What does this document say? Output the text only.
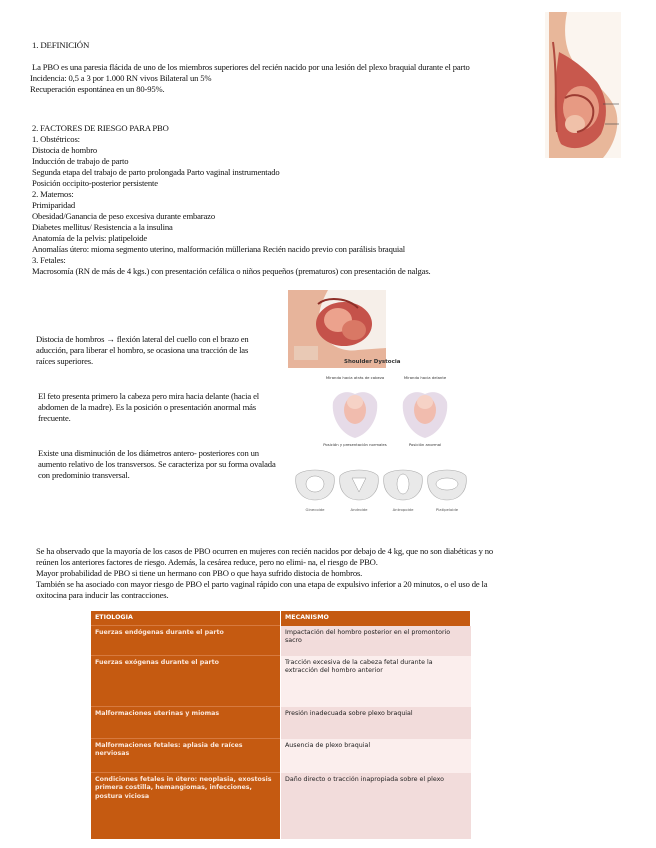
1. DEFINICIÓN
La PBO es una paresia flácida de uno de los miembros superiores del recién nacido por una lesión del plexo braquial durante el parto
Incidencia: 0,5 a 3 por 1.000 RN vivos Bilateral un 5%
Recuperación espontánea en un 80-95%.
2. FACTORES DE RIESGO PARA PBO
1. Obstétricos:
Distocia de hombro
Inducción de trabajo de parto
Segunda etapa del trabajo de parto prolongada Parto vaginal instrumentado
Posición occipito-posterior persistente
2. Maternos:
Primiparidad
Obesidad/Ganancia de peso excesiva durante embarazo
Diabetes mellitus/ Resistencia a la insulina
Anatomía de la pelvis: platipeloide
Anomalías útero: mioma segmento uterino, malformación mülleriana Recién nacido previo con parálisis braquial
3. Fetales:
Macrosomía (RN de más de 4 kgs.) con presentación cefálica o niños pequeños (prematuros) con presentación de nalgas.
Shoulder Dystocia
Distocia de hombros → flexión lateral del cuello con el brazo en aducción, para liberar el hombro, se ocasiona una tracción de las raíces superiores.
Mirando hacia atrás de cabeza	Mirando hacia delante
Posición y presentación normales	Posición anormal
El feto presenta primero la cabeza pero mira hacia delante (hacia el abdomen de la madre). Es la posición o presentación anormal más frecuente.
Existe una disminución de los diámetros antero- posteriores con un aumento relativo de los transversos. Se caracteriza por su forma ovalada con predominio transversal.
Ginecoide	Androide	Antropoide	Platipeloide
Se ha observado que la mayoría de los casos de PBO ocurren en mujeres con recién nacidos por debajo de 4 kg, que no son diabéticas y no
reúnen los anteriores factores de riesgo. Además, la cesárea reduce, pero no elimi- na, el riesgo de PBO.
Mayor probabilidad de PBO si tiene un hermano con PBO o que haya sufrido distocia de hombros.
También se ha asociado con mayor riesgo de PBO el parto vaginal rápido con una etapa de expulsivo inferior a 20 minutos, o el uso de la
oxitocina para inducir las contracciones.
ETIOLOGIA	MECANISMO
Fuerzas endógenas durante el parto	Impactación del hombro posterior en el promontorio sacro
Fuerzas exógenas durante el parto	Tracción excesiva de la cabeza fetal durante la extracción del hombro anterior
Malformaciones uterinas y miomas	Presión inadecuada sobre plexo braquial
Malformaciones fetales: aplasia de raíces nerviosas	Ausencia de plexo braquial
Condiciones fetales in útero: neoplasia, exostosis primera costilla, hemangiomas, infecciones, postura viciosa	Daño directo o tracción inapropiada sobre el plexo
